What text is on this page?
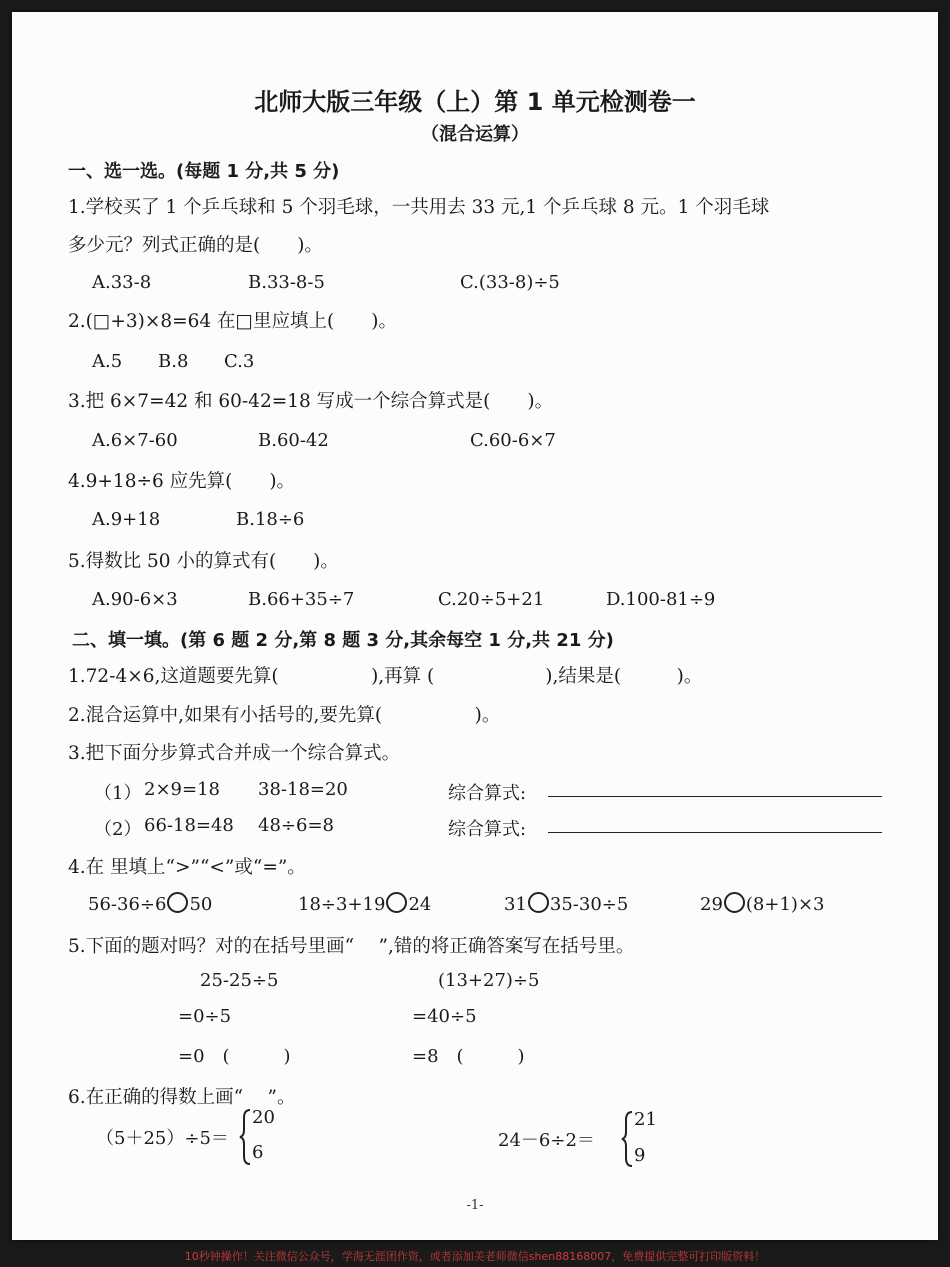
北师大版三年级（上）第 1 单元检测卷一
（混合运算）
一、选一选。(每题 1 分,共 5 分)
1.学校买了 1 个乒乓球和 5 个羽毛球，一共用去 33 元,1 个乒乓球 8 元。1 个羽毛球
多少元？列式正确的是(　　)。
A.33-8	B.33-8-5	C.(33-8)÷5
2.(□+3)×8=64 在□里应填上(　　)。
A.5 B.8 C.3
3.把 6×7=42 和 60-42=18 写成一个综合算式是(　　)。
A.6×7-60	B.60-42	C.60-6×7
4.9+18÷6 应先算(　　)。
A.9+18	B.18÷6
5.得数比 50 小的算式有(　　)。
A.90-6×3	B.66+35÷7	C.20÷5+21	D.100-81÷9
二、填一填。(第 6 题 2 分,第 8 题 3 分,其余每空 1 分,共 21 分)
1.72-4×6,这道题要先算(　　　　　),再算 (　　　　　　),结果是(　　　)。
2.混合运算中,如果有小括号的,要先算(　　　　　)。
3.把下面分步算式合并成一个综合算式。
（1） 2×9=18 38-18=20	综合算式:
（2） 66-18=48 48÷6=8	综合算式:
4.在 里填上“>”“<”或“=”。
56-36÷6 50	18÷3+19 24	31 35-30÷5	29 (8+1)×3
5.下面的题对吗？对的在括号里画“　 ”,错的将正确答案写在括号里。
25-25÷5
=0÷5
=0　(　　　)
(13+27)÷5
=40÷5
=8　(　　　)
6.在正确的得数上画“　 ”。
（5＋25）÷5＝
20
6
24－6÷2＝
21
9
-1-
10秒钟操作！关注微信公众号，学海无涯团作资，或者添加美老师微信shen88168007，免费提供完整可打印版资料！
